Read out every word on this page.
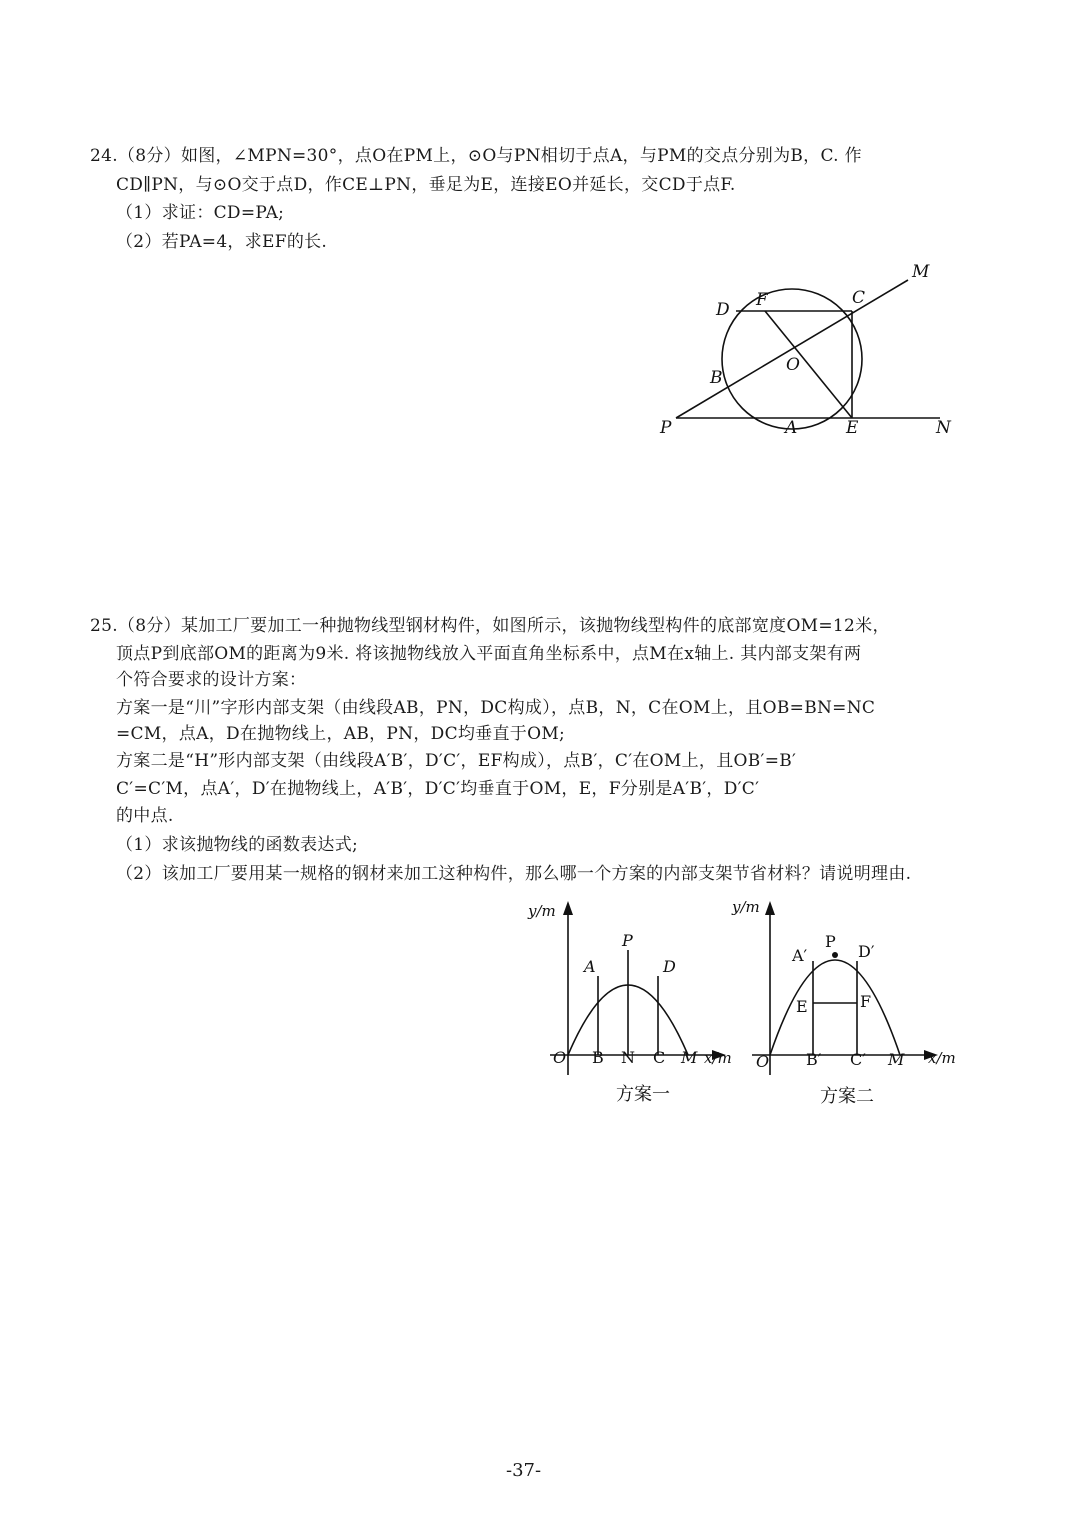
24.（8分）如图，∠MPN=30°，点O在PM上，⊙O与PN相切于点A，与PM的交点分别为B，C. 作
CD∥PN，与⊙O交于点D，作CE⊥PN，垂足为E，连接EO并延长，交CD于点F.
（1）求证：CD=PA;
（2）若PA=4，求EF的长.
M
C
D F
O
B
P	A	E	N
25.（8分）某加工厂要加工一种抛物线型钢材构件，如图所示，该抛物线型构件的底部宽度OM=12米，
顶点P到底部OM的距离为9米. 将该抛物线放入平面直角坐标系中，点M在x轴上. 其内部支架有两
个符合要求的设计方案：
方案一是“川”字形内部支架（由线段AB，PN，DC构成），点B，N，C在OM上，且OB=BN=NC
=CM，点A，D在抛物线上，AB，PN，DC均垂直于OM;
方案二是“H”形内部支架（由线段A′B′，D′C′，EF构成），点B′，C′在OM上，且OB′=B′
C′=C′M，点A′，D′在抛物线上，A′B′，D′C′均垂直于OM，E，F分别是A′B′，D′C′
的中点.
（1）求该抛物线的函数表达式;
（2）该加工厂要用某一规格的钢材来加工这种构件，那么哪一个方案的内部支架节省材料？请说明理由.
y/m
x/m
O B N C M
A
P
D
方案一
y/m
x/m
O B′ C′ M
A′
P
D′
E	F
方案二
-37-
